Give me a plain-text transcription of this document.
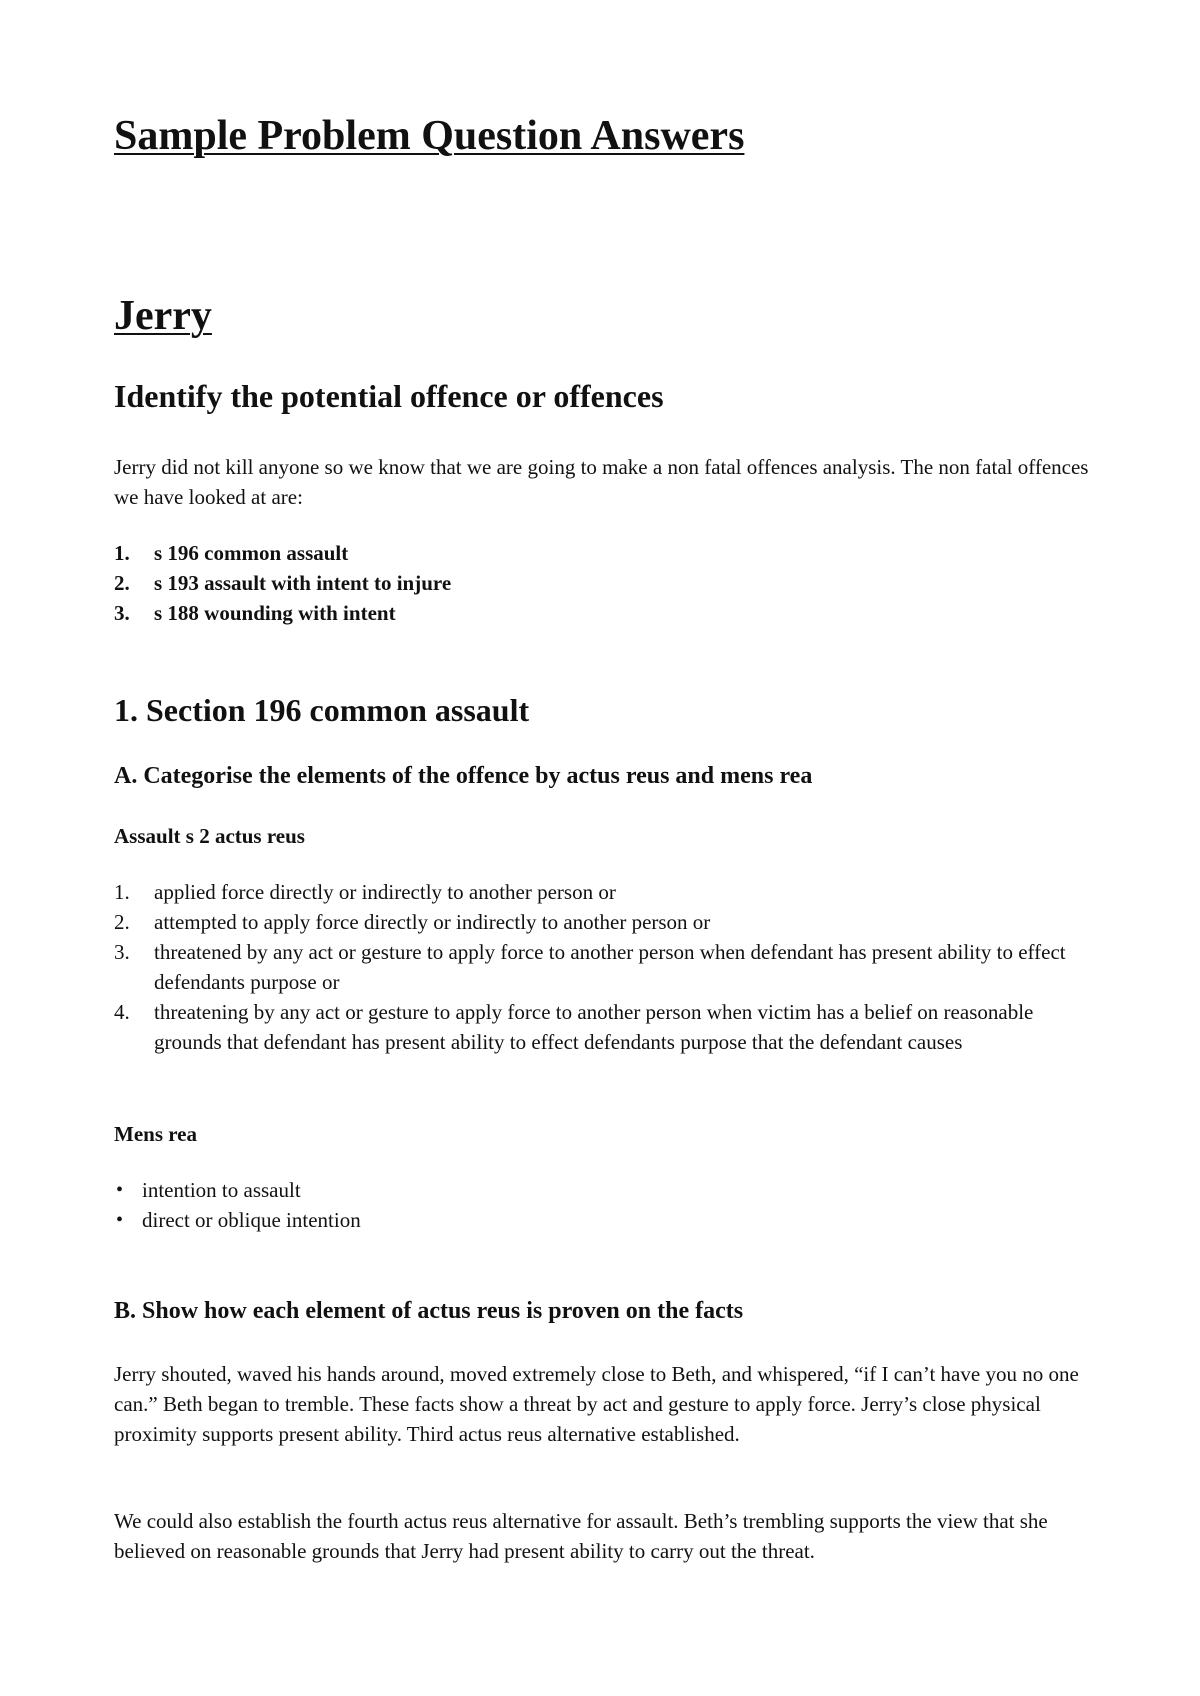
Sample Problem Question Answers
Jerry
Identify the potential offence or offences

Jerry did not kill anyone so we know that we are going to make a non fatal offences analysis. The non fatal offences we have looked at are:

1. s 196 common assault
2. s 193 assault with intent to injure
3. s 188 wounding with intent
1. Section 196 common assault
A. Categorise the elements of the offence by actus reus and mens rea
Assault s 2 actus reus
1. applied force directly or indirectly to another person or
2. attempted to apply force directly or indirectly to another person or
3. threatened by any act or gesture to apply force to another person when defendant has present ability to effect defendants purpose or
4. threatening by any act or gesture to apply force to another person when victim has a belief on reasonable grounds that defendant has present ability to effect defendants purpose that the defendant causes
Mens rea
• intention to assault
• direct or oblique intention
B. Show how each element of actus reus is proven on the facts

Jerry shouted, waved his hands around, moved extremely close to Beth, and whispered, “if I can’t have you no one can.” Beth began to tremble. These facts show a threat by act and gesture to apply force. Jerry’s close physical proximity supports present ability. Third actus reus alternative established.

We could also establish the fourth actus reus alternative for assault. Beth’s trembling supports the view that she believed on reasonable grounds that Jerry had present ability to carry out the threat.
